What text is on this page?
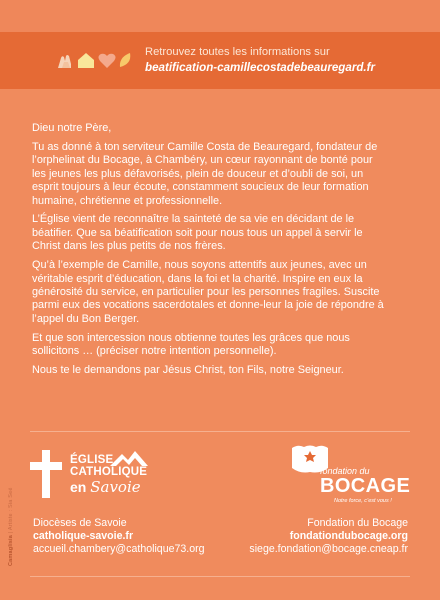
Retrouvez toutes les informations sur
beatification-camillecostadebeauregard.fr

Dieu notre Père,

Tu as donné à ton serviteur Camille Costa de Beauregard, fondateur de l’orphelinat du Bocage, à Chambéry, un cœur rayonnant de bonté pour les jeunes les plus défavorisés, plein de douceur et d’oubli de soi, un esprit toujours à leur écoute, constamment soucieux de leur formation humaine, chrétienne et professionnelle.

L’Église vient de reconnaître la sainteté de sa vie en décidant de le béatifier. Que sa béatification soit pour nous tous un appel à servir le Christ dans les plus petits de nos frères.

Qu’à l’exemple de Camille, nous soyons attentifs aux jeunes, avec un véritable esprit d’éducation, dans la foi et la charité. Inspire en eux la générosité du service, en particulier pour les personnes fragiles. Suscite parmi eux des vocations sacerdotales et donne-leur la joie de répondre à l’appel du Bon Berger.

Et que son intercession nous obtienne toutes les grâces que nous sollicitons … (préciser notre intention personnelle).

Nous te le demandons par Jésus Christ, ton Fils, notre Seigneur.

ÉGLISE
CATHOLIQUE
en Savoie
fondation du
BOCAGE
Notre force, c’est vous !
Diocèses de Savoie
catholique-savoie.fr
accueil.chambery@catholique73.org
Fondation du Bocage
fondationdubocage.org
siege.fondation@bocage.cneap.fr
Camaglisia | Artiste : Sia Seé
